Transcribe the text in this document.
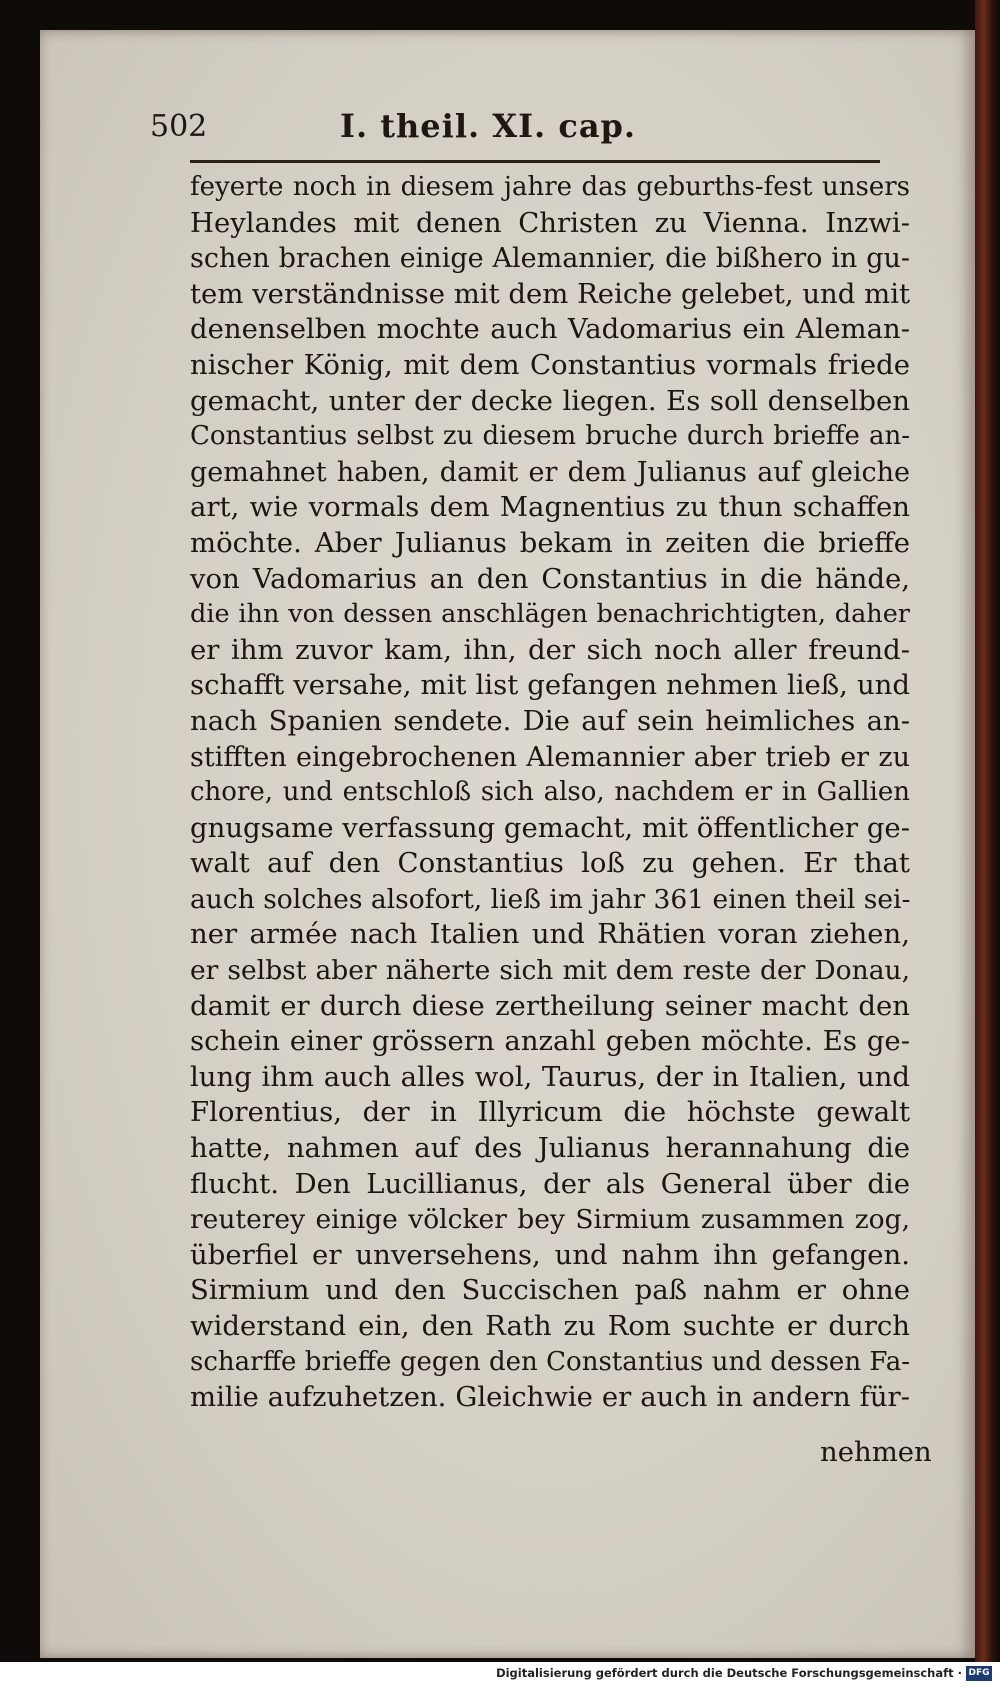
502	I. theil. XI. cap.
feyerte noch in diesem jahre das geburths-fest unsers
Heylandes mit denen Christen zu Vienna. Inzwi-
schen brachen einige Alemannier, die bißhero in gu-
tem verständnisse mit dem Reiche gelebet, und mit
denenselben mochte auch Vadomarius ein Aleman-
nischer König, mit dem Constantius vormals friede
gemacht, unter der decke liegen. Es soll denselben
Constantius selbst zu diesem bruche durch brieffe an-
gemahnet haben, damit er dem Julianus auf gleiche
art, wie vormals dem Magnentius zu thun schaffen
möchte. Aber Julianus bekam in zeiten die brieffe
von Vadomarius an den Constantius in die hände,
die ihn von dessen anschlägen benachrichtigten, daher
er ihm zuvor kam, ihn, der sich noch aller freund-
schafft versahe, mit list gefangen nehmen ließ, und
nach Spanien sendete. Die auf sein heimliches an-
stifften eingebrochenen Alemannier aber trieb er zu
chore, und entschloß sich also, nachdem er in Gallien
gnugsame verfassung gemacht, mit öffentlicher ge-
walt auf den Constantius loß zu gehen. Er that
auch solches alsofort, ließ im jahr 361 einen theil sei-
ner armée nach Italien und Rhätien voran ziehen,
er selbst aber näherte sich mit dem reste der Donau,
damit er durch diese zertheilung seiner macht den
schein einer grössern anzahl geben möchte. Es ge-
lung ihm auch alles wol, Taurus, der in Italien, und
Florentius, der in Illyricum die höchste gewalt
hatte, nahmen auf des Julianus herannahung die
flucht. Den Lucillianus, der als General über die
reuterey einige völcker bey Sirmium zusammen zog,
überfiel er unversehens, und nahm ihn gefangen.
Sirmium und den Succischen paß nahm er ohne
widerstand ein, den Rath zu Rom suchte er durch
scharffe brieffe gegen den Constantius und dessen Fa-
milie aufzuhetzen. Gleichwie er auch in andern für-
nehmen
Digitalisierung gefördert durch die Deutsche Forschungsgemeinschaft · DFG
